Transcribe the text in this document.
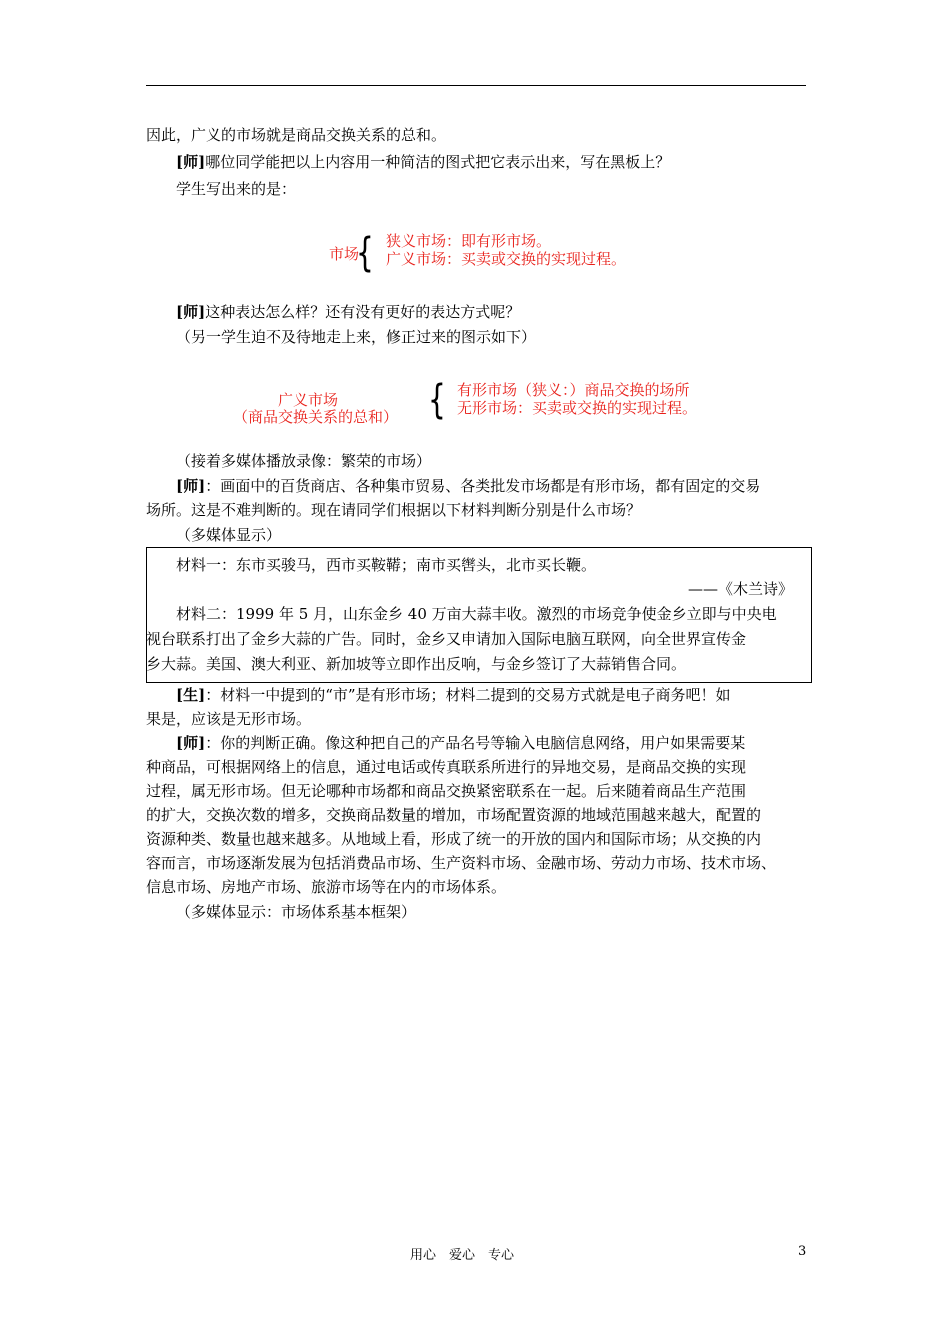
因此，广义的市场就是商品交换关系的总和。
[师]哪位同学能把以上内容用一种简洁的图式把它表示出来，写在黑板上？
学生写出来的是：
市场
{ 狭义市场：即有形市场。
广义市场：买卖或交换的实现过程。
[师]这种表达怎么样？还有没有更好的表达方式呢？
（另一学生迫不及待地走上来，修正过来的图示如下）
广义市场
（商品交换关系的总和） { 有形市场（狭义：）商品交换的场所
无形市场：买卖或交换的实现过程。
（接着多媒体播放录像：繁荣的市场）
[师]：画面中的百货商店、各种集市贸易、各类批发市场都是有形市场，都有固定的交易
场所。这是不难判断的。现在请同学们根据以下材料判断分别是什么市场？
（多媒体显示）
材料一：东市买骏马，西市买鞍鞯；南市买辔头，北市买长鞭。
——《木兰诗》
材料二：1999 年 5 月，山东金乡 40 万亩大蒜丰收。激烈的市场竞争使金乡立即与中央电
视台联系打出了金乡大蒜的广告。同时，金乡又申请加入国际电脑互联网，向全世界宣传金
乡大蒜。美国、澳大利亚、新加坡等立即作出反响，与金乡签订了大蒜销售合同。
[生]：材料一中提到的“市”是有形市场；材料二提到的交易方式就是电子商务吧！如
果是，应该是无形市场。
[师]：你的判断正确。像这种把自己的产品名号等输入电脑信息网络，用户如果需要某
种商品，可根据网络上的信息，通过电话或传真联系所进行的异地交易，是商品交换的实现
过程，属无形市场。但无论哪种市场都和商品交换紧密联系在一起。后来随着商品生产范围
的扩大，交换次数的增多，交换商品数量的增加，市场配置资源的地域范围越来越大，配置的
资源种类、数量也越来越多。从地域上看，形成了统一的开放的国内和国际市场；从交换的内
容而言，市场逐渐发展为包括消费品市场、生产资料市场、金融市场、劳动力市场、技术市场、
信息市场、房地产市场、旅游市场等在内的市场体系。
（多媒体显示：市场体系基本框架）
用心　爱心　专心	3
